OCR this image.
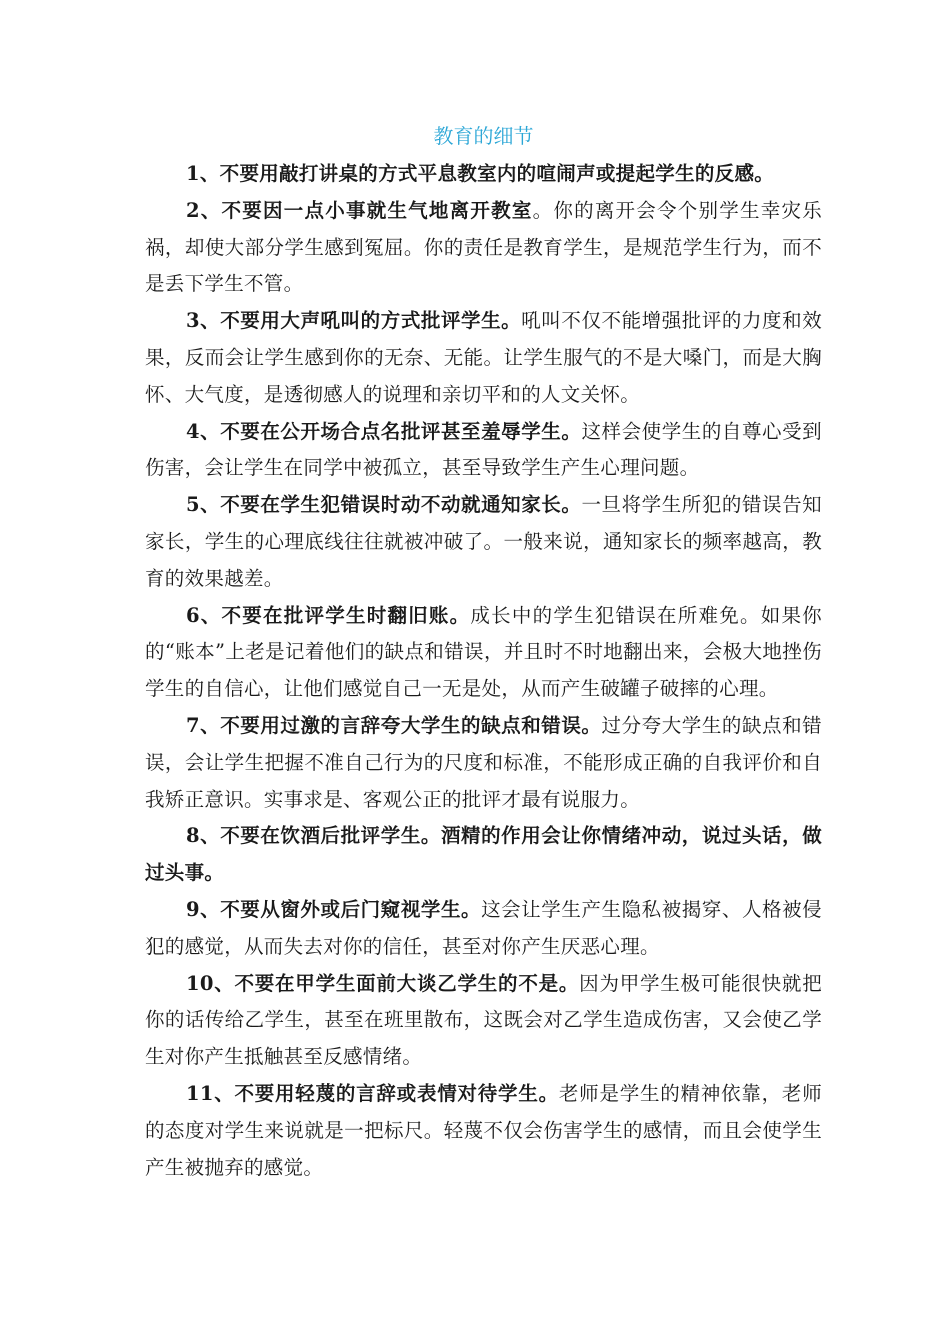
教育的细节

1、不要用敲打讲桌的方式平息教室内的喧闹声或提起学生的反感。

2、不要因一点小事就生气地离开教室。你的离开会令个别学生幸灾乐祸，却使大部分学生感到冤屈。你的责任是教育学生，是规范学生行为，而不是丢下学生不管。

3、不要用大声吼叫的方式批评学生。吼叫不仅不能增强批评的力度和效果，反而会让学生感到你的无奈、无能。让学生服气的不是大嗓门，而是大胸怀、大气度，是透彻感人的说理和亲切平和的人文关怀。

4、不要在公开场合点名批评甚至羞辱学生。这样会使学生的自尊心受到伤害，会让学生在同学中被孤立，甚至导致学生产生心理问题。

5、不要在学生犯错误时动不动就通知家长。一旦将学生所犯的错误告知家长，学生的心理底线往往就被冲破了。一般来说，通知家长的频率越高，教育的效果越差。

6、不要在批评学生时翻旧账。成长中的学生犯错误在所难免。如果你的“账本”上老是记着他们的缺点和错误，并且时不时地翻出来，会极大地挫伤学生的自信心，让他们感觉自己一无是处，从而产生破罐子破摔的心理。

7、不要用过激的言辞夸大学生的缺点和错误。过分夸大学生的缺点和错误，会让学生把握不准自己行为的尺度和标准，不能形成正确的自我评价和自我矫正意识。实事求是、客观公正的批评才最有说服力。

8、不要在饮酒后批评学生。酒精的作用会让你情绪冲动，说过头话，做过头事。

9、不要从窗外或后门窥视学生。这会让学生产生隐私被揭穿、人格被侵犯的感觉，从而失去对你的信任，甚至对你产生厌恶心理。

10、不要在甲学生面前大谈乙学生的不是。因为甲学生极可能很快就把你的话传给乙学生，甚至在班里散布，这既会对乙学生造成伤害，又会使乙学生对你产生抵触甚至反感情绪。

11、不要用轻蔑的言辞或表情对待学生。老师是学生的精神依靠，老师的态度对学生来说就是一把标尺。轻蔑不仅会伤害学生的感情，而且会使学生产生被抛弃的感觉。
